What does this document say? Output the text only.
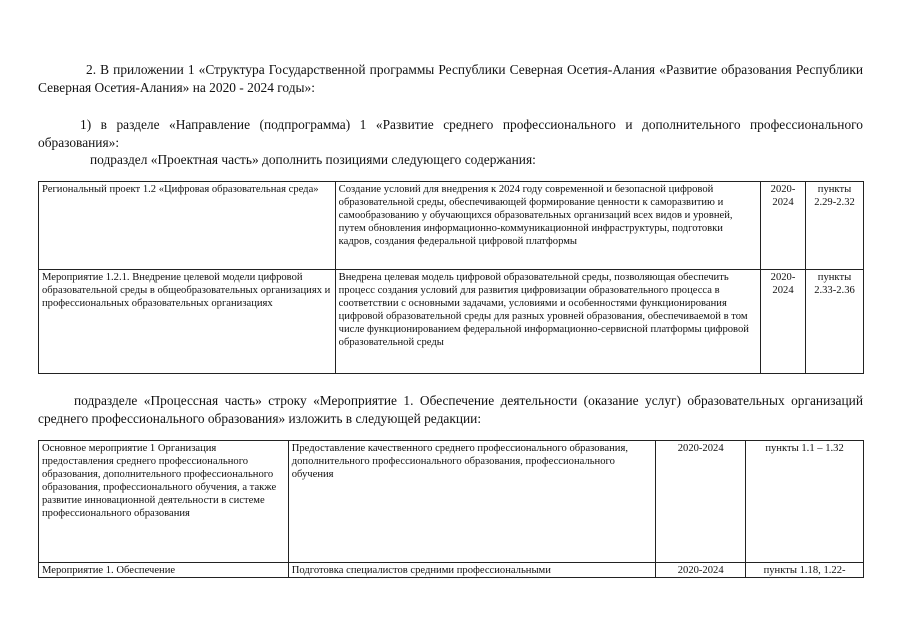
2. В приложении 1 «Структура Государственной программы Республики Северная Осетия-Алания «Развитие образования Республики Северная Осетия-Алания» на 2020 - 2024 годы»:
1) в разделе «Направление (подпрограмма) 1 «Развитие среднего профессионального и дополнительного профессионального образования»:
подраздел «Проектная часть» дополнить позициями следующего содержания:
Региональный проект 1.2 «Цифровая образовательная среда»	Создание условий для внедрения к 2024 году современной и безопасной цифровой образовательной среды, обеспечивающей формирование ценности к саморазвитию и самообразованию у обучающихся образовательных организаций всех видов и уровней, путем обновления информационно-коммуникационной инфраструктуры, подготовки кадров, создания федеральной цифровой платформы	2020-2024	пункты 2.29-2.32
Мероприятие 1.2.1. Внедрение целевой модели цифровой образовательной среды в общеобразовательных организациях и профессиональных образовательных организациях	Внедрена целевая модель цифровой образовательной среды, позволяющая обеспечить процесс создания условий для развития цифровизации образовательного процесса в соответствии с основными задачами, условиями и особенностями функционирования цифровой образовательной среды для разных уровней образования, обеспечиваемой в том числе функционированием федеральной информационно-сервисной платформы цифровой образовательной среды	2020-2024	пункты 2.33-2.36
подразделе «Процессная часть» строку «Мероприятие 1. Обеспечение деятельности (оказание услуг) образовательных организаций среднего профессионального образования» изложить в следующей редакции:
Основное мероприятие 1 Организация предоставления среднего профессионального образования, дополнительного профессионального образования, профессионального обучения, а также развитие инновационной деятельности в системе профессионального образования	Предоставление качественного среднего профессионального образования, дополнительного профессионального образования, профессионального обучения	2020-2024	пункты 1.1 – 1.32
Мероприятие 1. Обеспечение	Подготовка специалистов средними профессиональными	2020-2024	пункты 1.18, 1.22-
